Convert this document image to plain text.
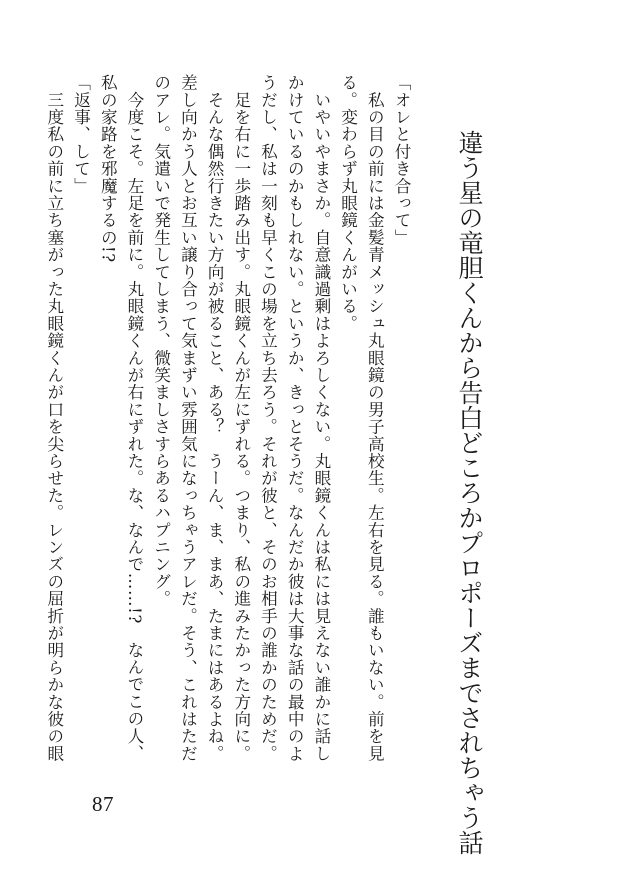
違う星の竜胆くんから告白どころかプロポーズまでされちゃう話

「オレと付き合って」

　私の目の前には金髪青メッシュ丸眼鏡の男子高校生。左右を見る。誰もいない。前を見

る。変わらず丸眼鏡くんがいる。

　いやいやまさか。自意識過剰はよろしくない。丸眼鏡くんは私には見えない誰かに話し

かけているのかもしれない。というか、きっとそうだ。なんだか彼は大事な話の最中のよ

うだし、私は一刻も早くこの場を立ち去ろう。それが彼と、そのお相手の誰かのためだ。

　足を右に一歩踏み出す。丸眼鏡くんが左にずれる。つまり、私の進みたかった方向に。

　そんな偶然行きたい方向が被ること、ある？　うーん、ま、まあ、たまにはあるよね。

差し向かう人とお互い譲り合って気まずい雰囲気になっちゃうアレだ。そう、これはただ

のアレ。気遣いで発生してしまう、微笑ましさすらあるハプニング。

　今度こそ。左足を前に。丸眼鏡くんが右にずれた。な、なんで……!?　なんでこの人、

私の家路を邪魔するの!?

「返事、して」

　三度私の前に立ち塞がった丸眼鏡くんが口を尖らせた。レンズの屈折が明らかな彼の眼

87
